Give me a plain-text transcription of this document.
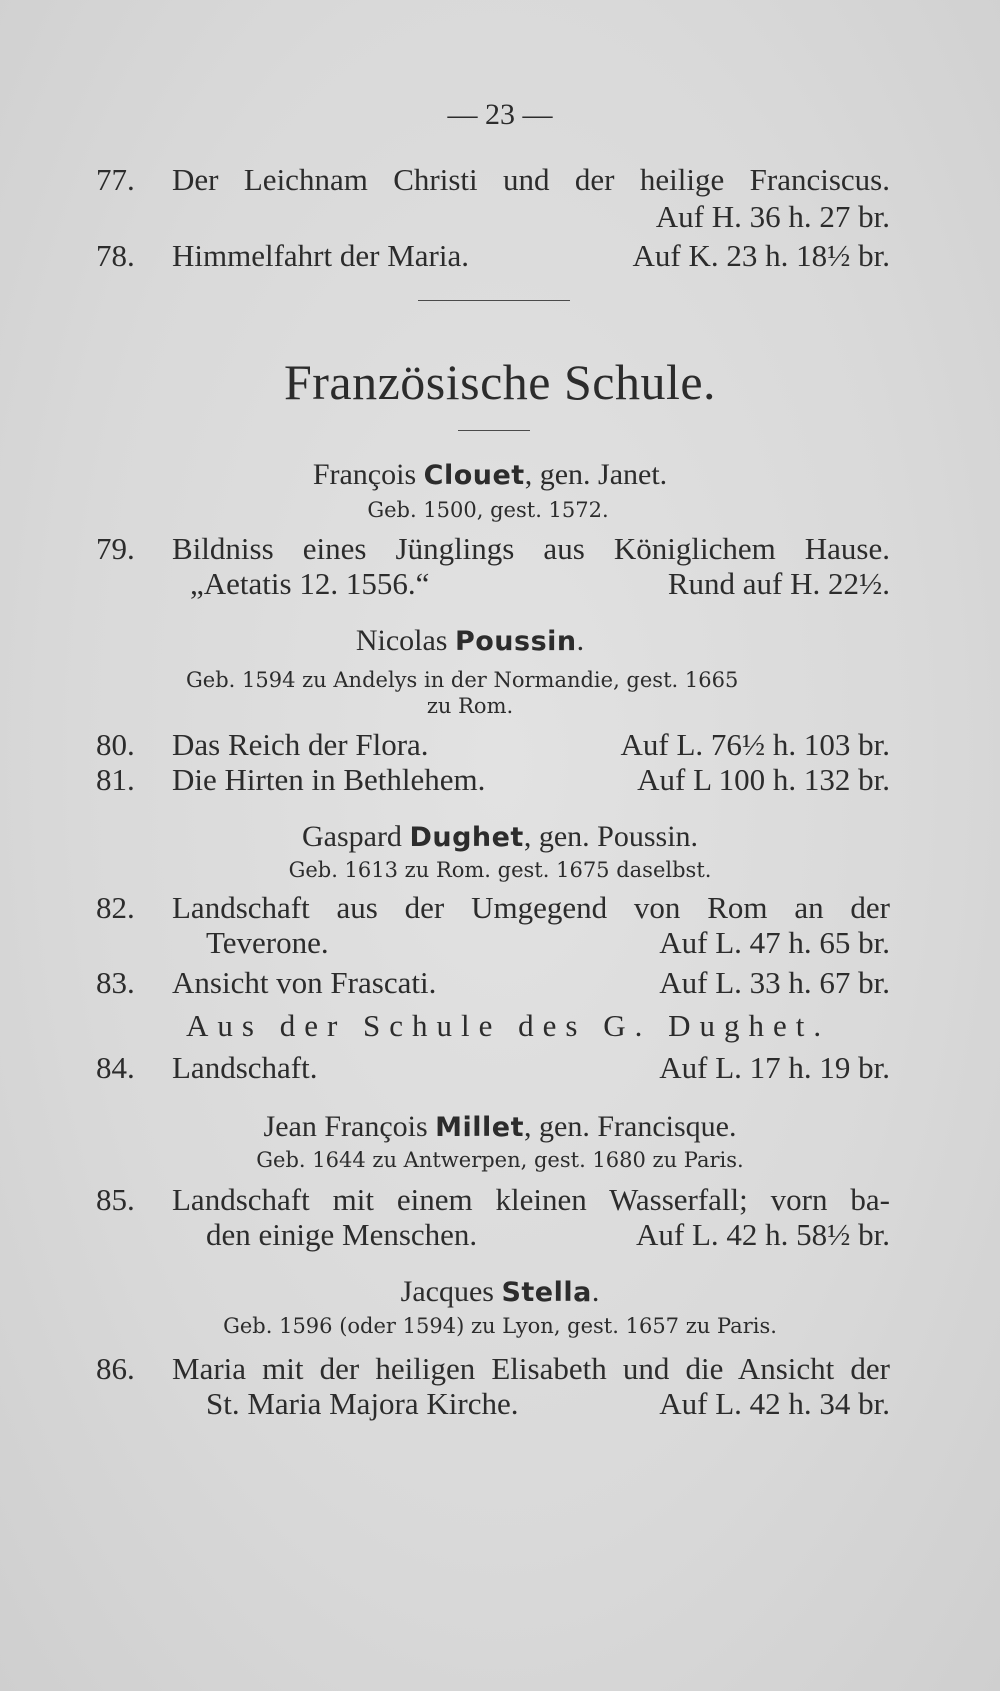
— 23 —
77. Der Leichnam Christi und der heilige Franciscus.
Auf H. 36 h. 27 br.
78. Himmelfahrt der Maria.	Auf K. 23 h. 18½ br.
Französische Schule.
François Clouet, gen. Janet.
Geb. 1500, gest. 1572.
79. Bildniss eines Jünglings aus Königlichem Hause.
„Aetatis 12. 1556.“	Rund auf H. 22½.
Nicolas Poussin.
Geb. 1594 zu Andelys in der Normandie, gest. 1665
zu Rom.
80. Das Reich der Flora.	Auf L. 76½ h. 103 br.
81. Die Hirten in Bethlehem.	Auf L 100 h. 132 br.
Gaspard Dughet, gen. Poussin.
Geb. 1613 zu Rom. gest. 1675 daselbst.
82. Landschaft aus der Umgegend von Rom an der
Teverone.	Auf L. 47 h. 65 br.
83. Ansicht von Frascati.	Auf L. 33 h. 67 br.
Aus der Schule des G. Dughet.
84. Landschaft.	Auf L. 17 h. 19 br.
Jean François Millet, gen. Francisque.
Geb. 1644 zu Antwerpen, gest. 1680 zu Paris.
85. Landschaft mit einem kleinen Wasserfall; vorn ba-
den einige Menschen.	Auf L. 42 h. 58½ br.
Jacques Stella.
Geb. 1596 (oder 1594) zu Lyon, gest. 1657 zu Paris.
86. Maria mit der heiligen Elisabeth und die Ansicht der
St. Maria Majora Kirche.	Auf L. 42 h. 34 br.
